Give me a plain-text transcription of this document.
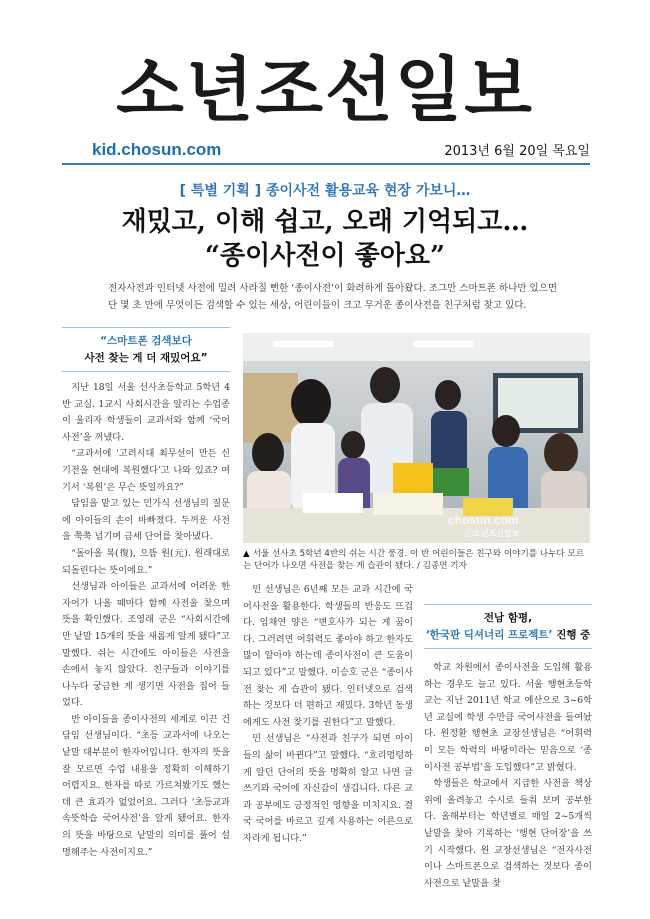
소년조선일보
kid.chosun.com	2013년 6월 20일 목요일
[ 특별 기획 ] 종이사전 활용교육 현장 가보니…
재밌고, 이해 쉽고, 오래 기억되고…
“종이사전이 좋아요”
전자사전과 인터넷 사전에 밀려 사라질 뻔한 ‘종이사전’이 화려하게 돌아왔다. 조그만 스마트폰 하나만 있으면 단 몇 초 만에 무엇이든 검색할 수 있는 세상, 어린이들이 크고 무거운 종이사전을 친구처럼 찾고 있다.
“스마트폰 검색보다
사전 찾는 게 더 재밌어요”

지난 18일 서울 선사초등학교 5학년 4반 교실. 1교시 사회시간을 알리는 수업종이 울리자 학생들이 교과서와 함께 ‘국어사전’을 꺼냈다.

“교과서에 ‘고려시대 최무선이 만든 신기전을 현대에 복원했다’고 나와 있죠? 여기서 ‘복원’은 무슨 뜻일까요?”

담임을 맡고 있는 민가식 선생님의 질문에 아이들의 손이 바빠졌다. 두꺼운 사전을 쭉쭉 넘기며 금세 단어를 찾아냈다.

“돌아올 복(復), 으뜸 원(元). 원래대로 되돌린다는 뜻이에요.”

선생님과 아이들은 교과서에 어려운 한자어가 나올 때마다 함께 사전을 찾으며 뜻을 확인했다. 조영래 군은 “사회시간에만 낱말 15개의 뜻을 새롭게 알게 됐다”고 말했다. 쉬는 시간에도 아이들은 사전을 손에서 놓지 않았다. 친구들과 이야기를 나누다 궁금한 게 생기면 사전을 집어 들었다.

반 아이들을 종이사전의 세계로 이끈 건 담임 선생님이다. “초등 교과서에 나오는 낱말 대부분이 한자어입니다. 한자의 뜻을 잘 모르면 수업 내용을 정확히 이해하기 어렵지요. 한자를 따로 가르쳐봤기도 했는데 큰 효과가 없었어요. 그러다 ‘초등교과 속뜻학습 국어사전’을 알게 됐어요. 한자의 뜻을 바탕으로 낱말의 의미를 풀어 설명해주는 사전이지요.”

chosun.com
ⓒ소년조선일보
▲ 서울 선사초 5학년 4반의 쉬는 시간 풍경. 이 반 어린이들은 친구와 이야기를 나누다 모르는 단어가 나오면 사전을 찾는 게 습관이 됐다. / 김종연 기자

민 선생님은 6년째 모든 교과 시간에 국어사전을 활용한다. 학생들의 반응도 뜨겁다. 임채연 양은 “변호사가 되는 게 꿈이다. 그러려면 어휘력도 좋아야 하고 한자도 많이 알아야 하는데 종이사전이 큰 도움이 되고 있다”고 말했다. 이승호 군은 “종이사전 찾는 게 습관이 됐다. 인터넷으로 검색하는 것보다 더 편하고 재밌다. 3학년 동생에게도 사전 찾기를 권한다”고 말했다.

민 선생님은 “사전과 친구가 되면 아이들의 삶이 바뀐다”고 말했다. “흐리멍텅하게 알던 단어의 뜻을 명확히 알고 나면 글쓰기와 국어에 자신감이 생깁니다. 다른 교과 공부에도 긍정적인 영향을 미치지요. 결국 국어를 바르고 깊게 사용하는 어른으로 자라게 됩니다.”

전남 함평,
‘한국판 딕셔너리 프로젝트’ 진행 중

학교 차원에서 종이사전을 도입해 활용하는 경우도 늘고 있다. 서울 행현초등학교는 지난 2011년 학교 예산으로 3~6학년 교실에 학생 수만큼 국어사전을 들여놨다. 원정환 행현초 교장선생님은 “어휘력이 모든 학력의 바탕이라는 믿음으로 ‘종이사전 공부법’을 도입했다”고 밝혔다.

학생들은 학교에서 지급한 사전을 책상 위에 올려놓고 수시로 들춰 보며 공부한다. 올해부터는 학년별로 매일 2~5개씩 낱말을 찾아 기록하는 ‘행현 단어장’을 쓰기 시작했다. 원 교장선생님은 “전자사전이나 스마트폰으로 검색하는 것보다 종이사전으로 낱말을 찾
